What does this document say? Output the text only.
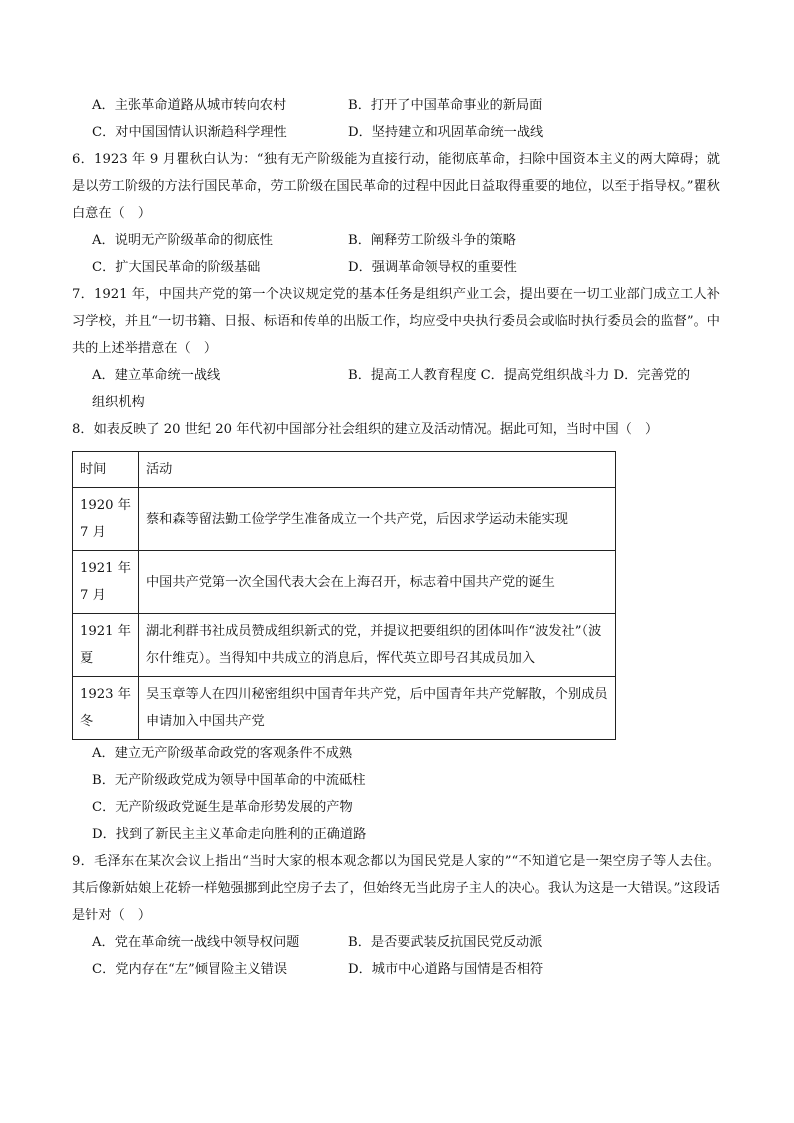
A．主张革命道路从城市转向农村	B．打开了中国革命事业的新局面
C．对中国国情认识渐趋科学理性	D．坚持建立和巩固革命统一战线
6．1923 年 9 月瞿秋白认为：“独有无产阶级能为直接行动，能彻底革命，扫除中国资本主义的两大障碍；就是以劳工阶级的方法行国民革命，劳工阶级在国民革命的过程中因此日益取得重要的地位，以至于指导权。”瞿秋白意在（　）
A．说明无产阶级革命的彻底性	B．阐释劳工阶级斗争的策略
C．扩大国民革命的阶级基础	D．强调革命领导权的重要性
7．1921 年，中国共产党的第一个决议规定党的基本任务是组织产业工会，提出要在一切工业部门成立工人补习学校，并且“一切书籍、日报、标语和传单的出版工作，均应受中央执行委员会或临时执行委员会的监督”。中共的上述举措意在（　）
A．建立革命统一战线	B．提高工人教育程度 C．提高党组织战斗力 D．完善党的
组织机构
8．如表反映了 20 世纪 20 年代初中国部分社会组织的建立及活动情况。据此可知，当时中国（　）
时间	活动
1920 年 7 月	蔡和森等留法勤工俭学学生准备成立一个共产党，后因求学运动未能实现
1921 年 7 月	中国共产党第一次全国代表大会在上海召开，标志着中国共产党的诞生
1921 年夏	湖北利群书社成员赞成组织新式的党，并提议把要组织的团体叫作“波发社”（波尔什维克）。当得知中共成立的消息后，恽代英立即号召其成员加入
1923 年冬	吴玉章等人在四川秘密组织中国青年共产党，后中国青年共产党解散，个别成员申请加入中国共产党
A．建立无产阶级革命政党的客观条件不成熟
B．无产阶级政党成为领导中国革命的中流砥柱
C．无产阶级政党诞生是革命形势发展的产物
D．找到了新民主主义革命走向胜利的正确道路
9．毛泽东在某次会议上指出“当时大家的根本观念都以为国民党是人家的”“不知道它是一架空房子等人去住。其后像新姑娘上花轿一样勉强挪到此空房子去了，但始终无当此房子主人的决心。我认为这是一大错误。”这段话是针对（　）
A．党在革命统一战线中领导权问题	B．是否要武装反抗国民党反动派
C．党内存在“左”倾冒险主义错误	D．城市中心道路与国情是否相符
